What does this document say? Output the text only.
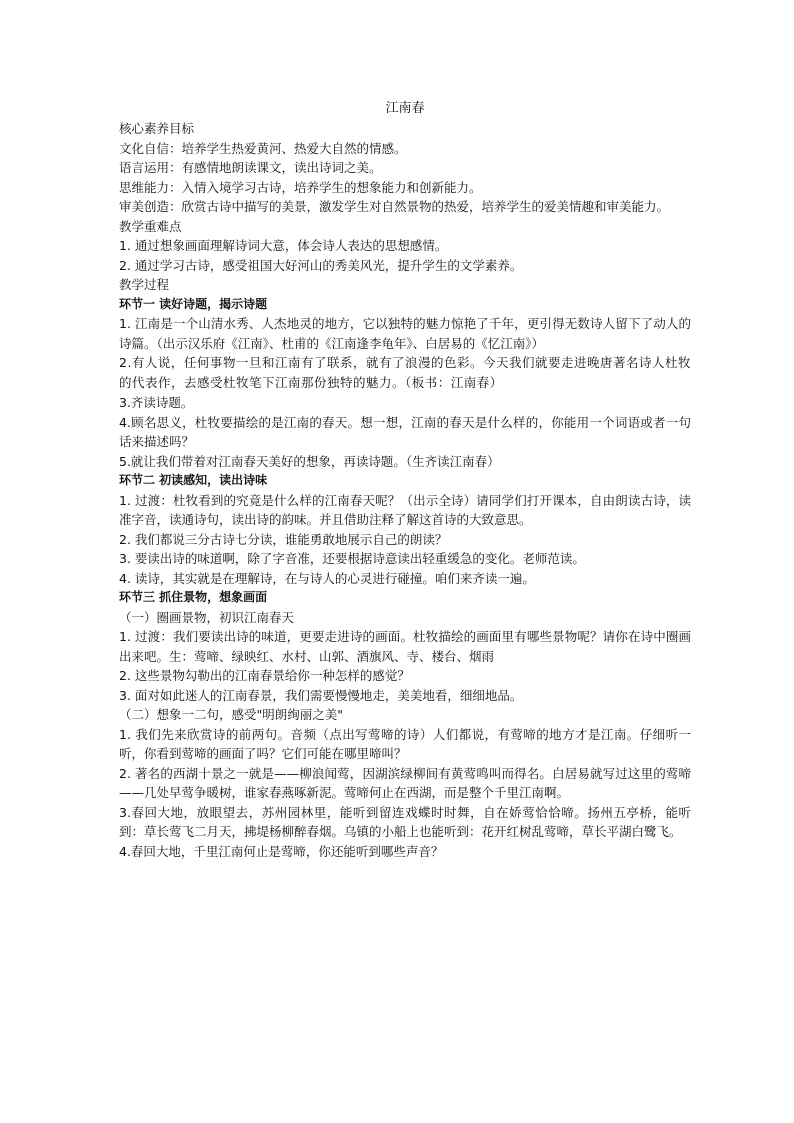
江南春
核心素养目标
文化自信：培养学生热爱黄河、热爱大自然的情感。
语言运用：有感情地朗读课文，读出诗词之美。
思维能力：入情入境学习古诗，培养学生的想象能力和创新能力。
审美创造：欣赏古诗中描写的美景，激发学生对自然景物的热爱，培养学生的爱美情趣和审美能力。
教学重难点
1. 通过想象画面理解诗词大意，体会诗人表达的思想感情。
2. 通过学习古诗，感受祖国大好河山的秀美风光，提升学生的文学素养。
教学过程
环节一 读好诗题，揭示诗题
1. 江南是一个山清水秀、人杰地灵的地方，它以独特的魅力惊艳了千年，更引得无数诗人留下了动人的诗篇。（出示汉乐府《江南》、杜甫的《江南逢李龟年》、白居易的《忆江南》）
2.有人说，任何事物一旦和江南有了联系，就有了浪漫的色彩。今天我们就要走进晚唐著名诗人杜牧的代表作，去感受杜牧笔下江南那份独特的魅力。（板书：江南春）
3.齐读诗题。
4.顾名思义，杜牧要描绘的是江南的春天。想一想，江南的春天是什么样的，你能用一个词语或者一句话来描述吗？
5.就让我们带着对江南春天美好的想象，再读诗题。（生齐读江南春）
环节二 初读感知，读出诗味
1. 过渡：杜牧看到的究竟是什么样的江南春天呢？（出示全诗）请同学们打开课本，自由朗读古诗，读准字音，读通诗句，读出诗的韵味。并且借助注释了解这首诗的大致意思。
2. 我们都说三分古诗七分读，谁能勇敢地展示自己的朗读？
3. 要读出诗的味道啊，除了字音准，还要根据诗意读出轻重缓急的变化。老师范读。
4. 读诗，其实就是在理解诗，在与诗人的心灵进行碰撞。咱们来齐读一遍。
环节三 抓住景物，想象画面
（一）圈画景物，初识江南春天
1. 过渡：我们要读出诗的味道，更要走进诗的画面。杜牧描绘的画面里有哪些景物呢？请你在诗中圈画出来吧。生：莺啼、绿映红、水村、山郭、酒旗风、寺、楼台、烟雨
2. 这些景物勾勒出的江南春景给你一种怎样的感觉？
3. 面对如此迷人的江南春景，我们需要慢慢地走，美美地看，细细地品。
（二）想象一二句，感受"明朗绚丽之美"
1. 我们先来欣赏诗的前两句。音频（点出写莺啼的诗）人们都说，有莺啼的地方才是江南。仔细听一听，你看到莺啼的画面了吗？它们可能在哪里啼叫？
2. 著名的西湖十景之一就是——柳浪闻莺，因湖滨绿柳间有黄莺鸣叫而得名。白居易就写过这里的莺啼——几处早莺争暖树，谁家春燕啄新泥。莺啼何止在西湖，而是整个千里江南啊。
3.春回大地，放眼望去，苏州园林里，能听到留连戏蝶时时舞，自在娇莺恰恰啼。扬州五亭桥，能听到：草长莺飞二月天，拂堤杨柳醉春烟。乌镇的小船上也能听到：花开红树乱莺啼，草长平湖白鹭飞。
4.春回大地，千里江南何止是莺啼，你还能听到哪些声音？
